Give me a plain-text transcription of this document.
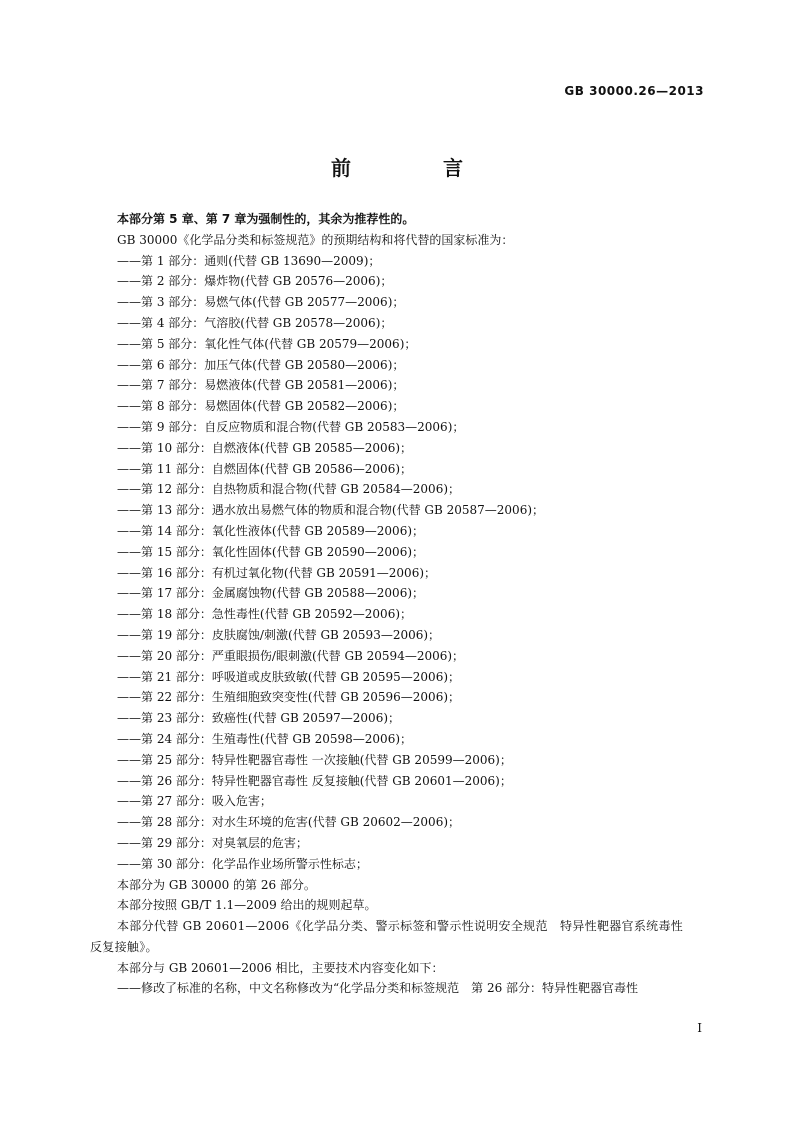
GB 30000.26—2013
前　言
本部分第 5 章、第 7 章为强制性的，其余为推荐性的。
GB 30000《化学品分类和标签规范》的预期结构和将代替的国家标准为：
——第 1 部分：通则(代替 GB 13690—2009)；
——第 2 部分：爆炸物(代替 GB 20576—2006)；
——第 3 部分：易燃气体(代替 GB 20577—2006)；
——第 4 部分：气溶胶(代替 GB 20578—2006)；
——第 5 部分：氧化性气体(代替 GB 20579—2006)；
——第 6 部分：加压气体(代替 GB 20580—2006)；
——第 7 部分：易燃液体(代替 GB 20581—2006)；
——第 8 部分：易燃固体(代替 GB 20582—2006)；
——第 9 部分：自反应物质和混合物(代替 GB 20583—2006)；
——第 10 部分：自燃液体(代替 GB 20585—2006)；
——第 11 部分：自燃固体(代替 GB 20586—2006)；
——第 12 部分：自热物质和混合物(代替 GB 20584—2006)；
——第 13 部分：遇水放出易燃气体的物质和混合物(代替 GB 20587—2006)；
——第 14 部分：氧化性液体(代替 GB 20589—2006)；
——第 15 部分：氧化性固体(代替 GB 20590—2006)；
——第 16 部分：有机过氧化物(代替 GB 20591—2006)；
——第 17 部分：金属腐蚀物(代替 GB 20588—2006)；
——第 18 部分：急性毒性(代替 GB 20592—2006)；
——第 19 部分：皮肤腐蚀/刺激(代替 GB 20593—2006)；
——第 20 部分：严重眼损伤/眼刺激(代替 GB 20594—2006)；
——第 21 部分：呼吸道或皮肤致敏(代替 GB 20595—2006)；
——第 22 部分：生殖细胞致突变性(代替 GB 20596—2006)；
——第 23 部分：致癌性(代替 GB 20597—2006)；
——第 24 部分：生殖毒性(代替 GB 20598—2006)；
——第 25 部分：特异性靶器官毒性 一次接触(代替 GB 20599—2006)；
——第 26 部分：特异性靶器官毒性 反复接触(代替 GB 20601—2006)；
——第 27 部分：吸入危害；
——第 28 部分：对水生环境的危害(代替 GB 20602—2006)；
——第 29 部分：对臭氧层的危害；
——第 30 部分：化学品作业场所警示性标志；
本部分为 GB 30000 的第 26 部分。
本部分按照 GB/T 1.1—2009 给出的规则起草。
本部分代替 GB 20601—2006《化学品分类、警示标签和警示性说明安全规范　特异性靶器官系统毒性　反复接触》。
本部分与 GB 20601—2006 相比，主要技术内容变化如下：
——修改了标准的名称，中文名称修改为“化学品分类和标签规范　第 26 部分：特异性靶器官毒性
I
